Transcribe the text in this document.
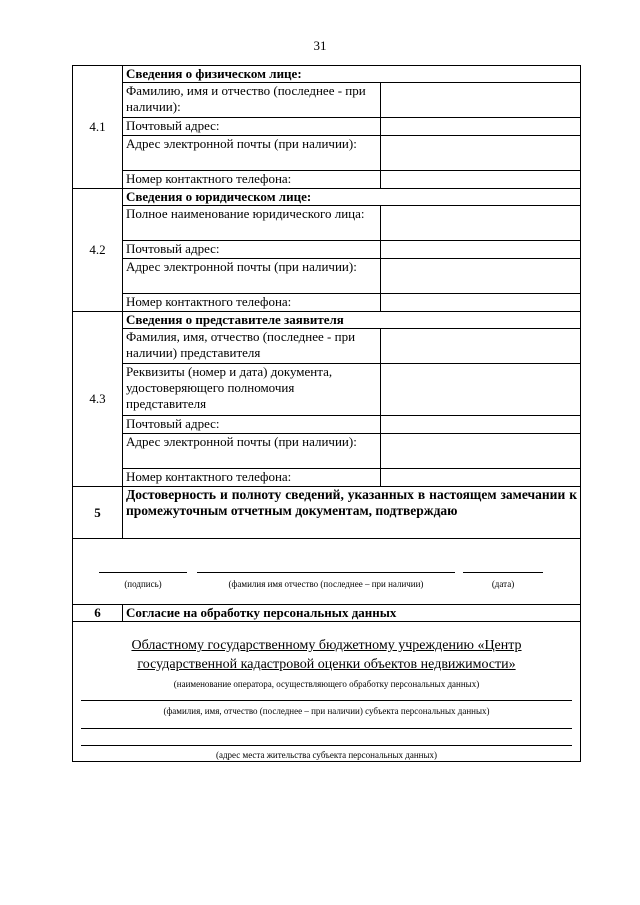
31
4.1	Сведения о физическом лице:	
	Фамилию, имя и отчество (последнее - при наличии):	
	Почтовый адрес:	
	Адрес электронной почты (при наличии):	
	Номер контактного телефона:	
4.2	Сведения о юридическом лице:	
	Полное наименование юридического лица:	
	Почтовый адрес:	
	Адрес электронной почты (при наличии):	
	Номер контактного телефона:	
4.3	Сведения о представителе заявителя	
	Фамилия, имя, отчество (последнее - при наличии) представителя	
	Реквизиты (номер и дата) документа, удостоверяющего полномочия представителя	
	Почтовый адрес:	
	Адрес электронной почты (при наличии):	
	Номер контактного телефона:	
5	Достоверность и полноту сведений, указанных в настоящем замечании к промежуточным отчетным документам, подтверждаю	

(подпись) (фамилия имя отчество (последнее – при наличии) (дата)		

6	Согласие на обработку персональных данных	

Областному государственному бюджетному учреждению «Центр
государственной кадастровой оценки объектов недвижимости»
(наименование оператора, осуществляющего обработку персональных данных)
(фамилия, имя, отчество (последнее – при наличии) субъекта персональных данных)
(адрес места жительства субъекта персональных данных)		
